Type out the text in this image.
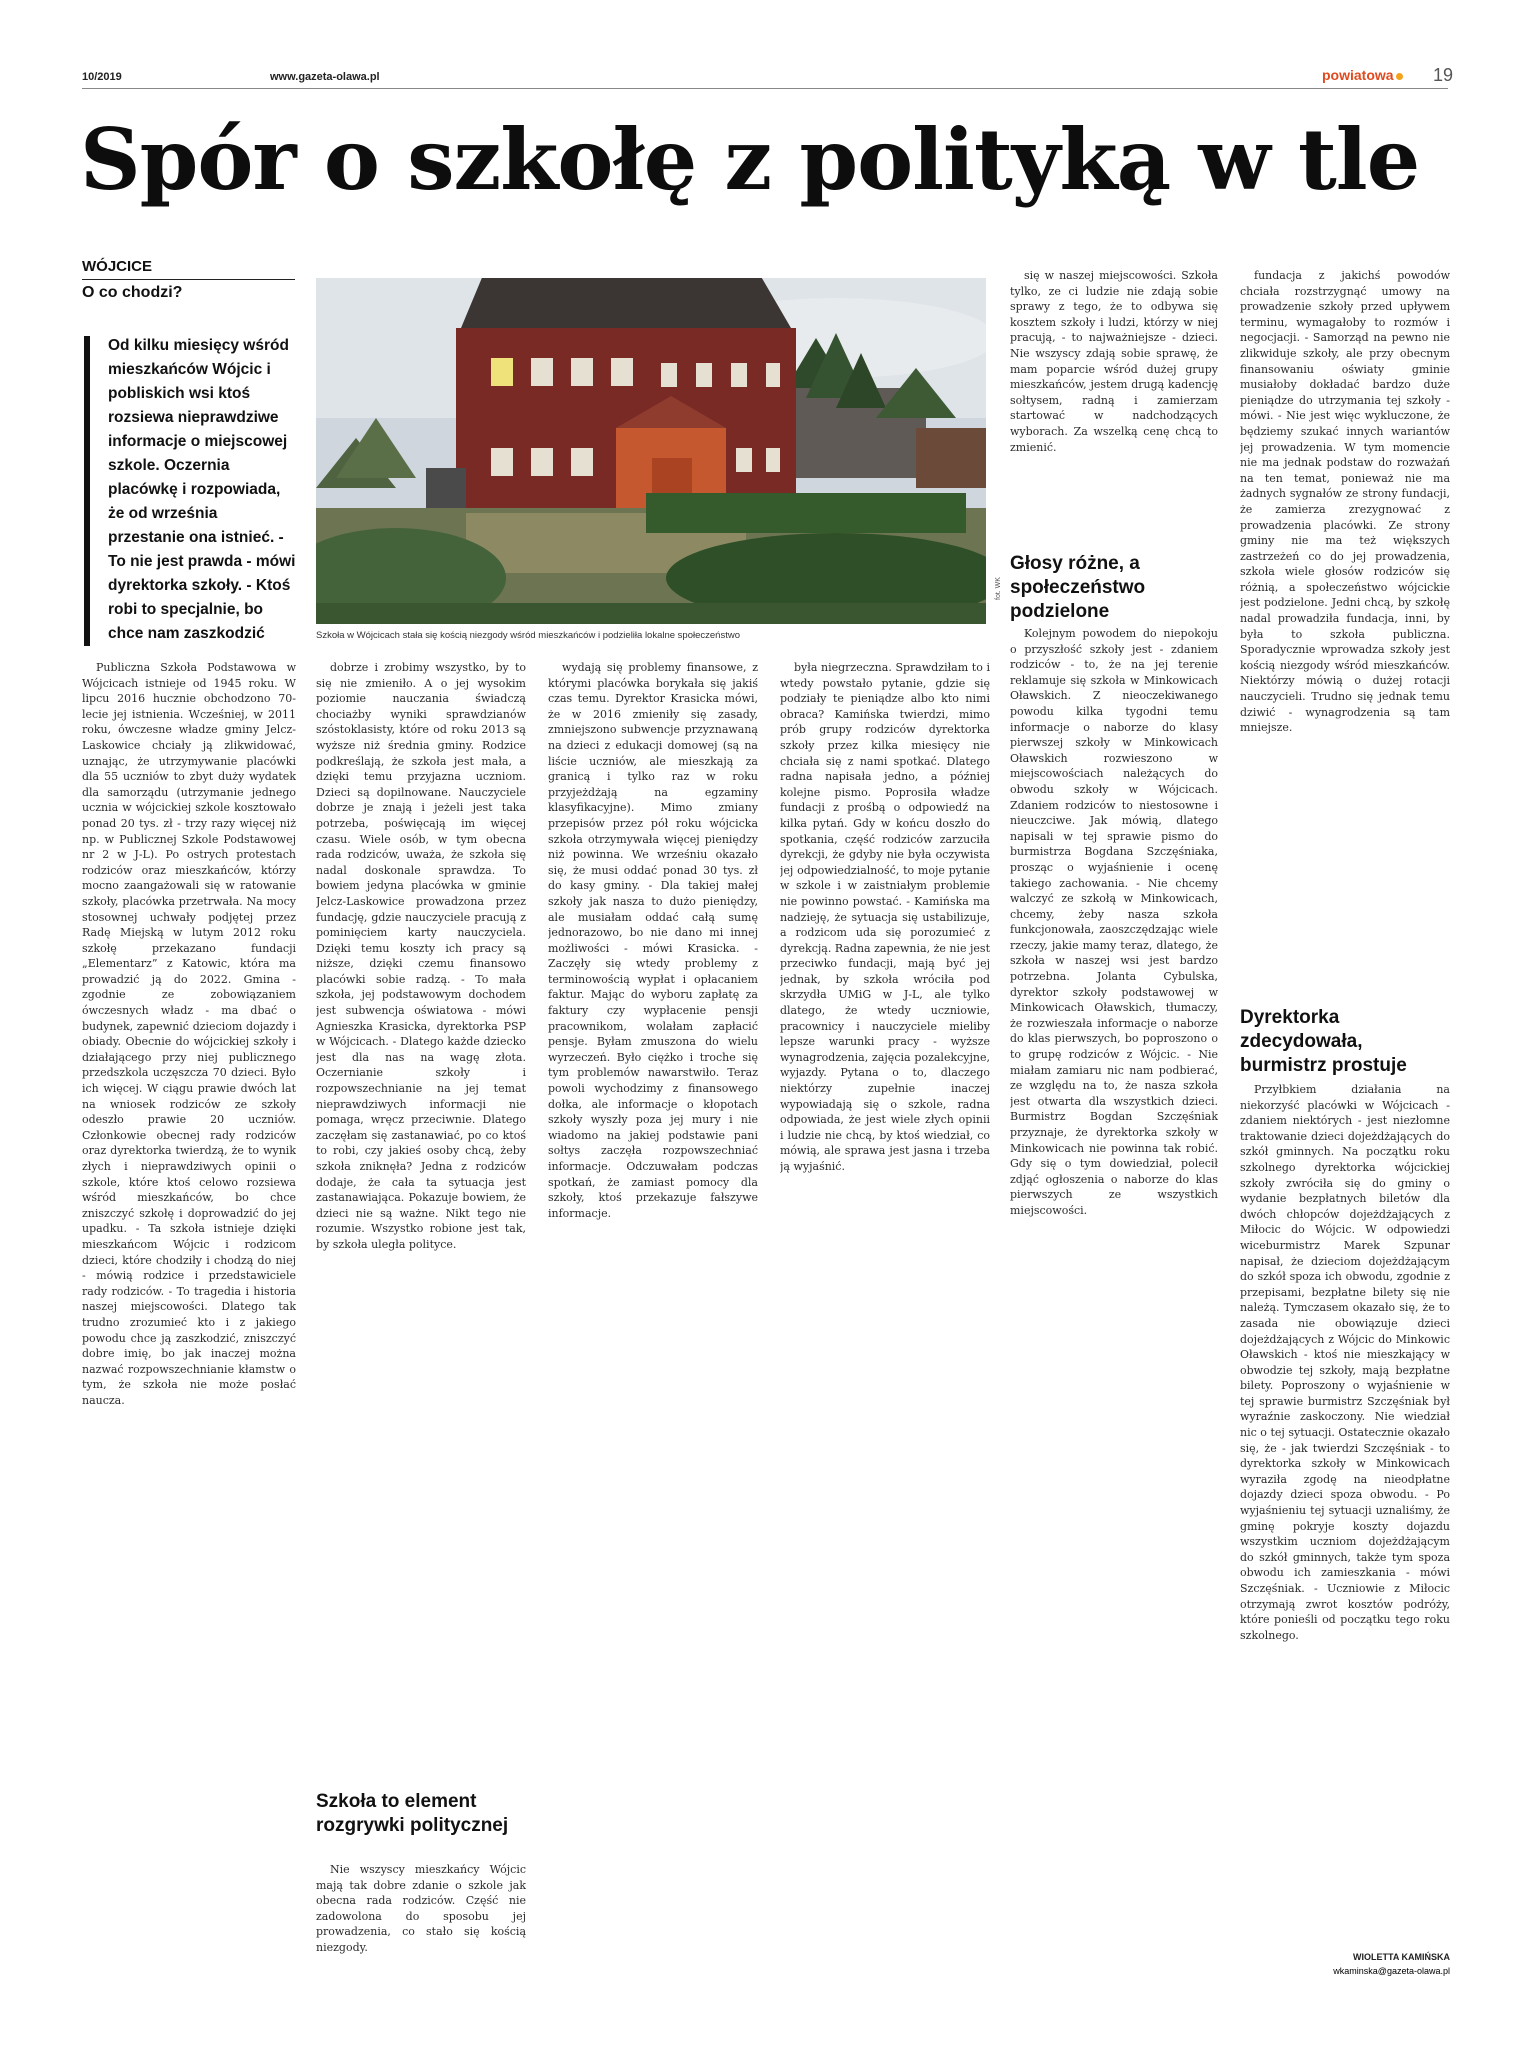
10/2019	www.gazeta-olawa.pl	powiatowa	19
Spór o szkołę z polityką w tle
WÓJCICE
O co chodzi?
Od kilku miesięcy wśród mieszkańców Wójcic i pobliskich wsi ktoś rozsiewa nieprawdziwe informacje o miejscowej szkole. Oczernia placówkę i rozpowiada, że od września przestanie ona istnieć. - To nie jest prawda - mówi dyrektorka szkoły. - Ktoś robi to specjalnie, bo chce nam zaszkodzić
fot. WK
Szkoła w Wójcicach stała się kością niezgody wśród mieszkańców i podzieliła lokalne społeczeństwo

Publiczna Szkoła Podstawowa w Wójcicach istnieje od 1945 roku. W lipcu 2016 hucznie obchodzono 70-lecie jej istnienia. Wcześniej, w 2011 roku, ówczesne władze gminy Jelcz-Laskowice chciały ją zlikwidować, uznając, że utrzymywanie placówki dla 55 uczniów to zbyt duży wydatek dla samorządu (utrzymanie jednego ucznia w wójcickiej szkole kosztowało ponad 20 tys. zł - trzy razy więcej niż np. w Publicznej Szkole Podstawowej nr 2 w J-L). Po ostrych protestach rodziców oraz mieszkańców, którzy mocno zaangażowali się w ratowanie szkoły, placówka przetrwała. Na mocy stosownej uchwały podjętej przez Radę Miejską w lutym 2012 roku szkołę przekazano fundacji „Elementarz” z Katowic, która ma prowadzić ją do 2022. Gmina - zgodnie ze zobowiązaniem ówczesnych władz - ma dbać o budynek, zapewnić dzieciom dojazdy i obiady. Obecnie do wójcickiej szkoły i działającego przy niej publicznego przedszkola uczęszcza 70 dzieci. Było ich więcej. W ciągu prawie dwóch lat na wniosek rodziców ze szkoły odeszło prawie 20 uczniów. Członkowie obecnej rady rodziców oraz dyrektorka twierdzą, że to wynik złych i nieprawdziwych opinii o szkole, które ktoś celowo rozsiewa wśród mieszkańców, bo chce zniszczyć szkołę i doprowadzić do jej upadku. - Ta szkoła istnieje dzięki mieszkańcom Wójcic i rodzicom dzieci, które chodziły i chodzą do niej - mówią rodzice i przedstawiciele rady rodziców. - To tragedia i historia naszej miejscowości. Dlatego tak trudno zrozumieć kto i z jakiego powodu chce ją zaszkodzić, zniszczyć dobre imię, bo jak inaczej można nazwać rozpowszechnianie kłamstw o tym, że szkoła nie może posłać naucza.

dobrze i zrobimy wszystko, by to się nie zmieniło. A o jej wysokim poziomie nauczania świadczą chociażby wyniki sprawdzianów szóstoklasisty, które od roku 2013 są wyższe niż średnia gminy. Rodzice podkreślają, że szkoła jest mała, a dzięki temu przyjazna uczniom. Dzieci są dopilnowane. Nauczyciele dobrze je znają i jeżeli jest taka potrzeba, poświęcają im więcej czasu. Wiele osób, w tym obecna rada rodziców, uważa, że szkoła się nadal doskonale sprawdza. To bowiem jedyna placówka w gminie Jelcz-Laskowice prowadzona przez fundację, gdzie nauczyciele pracują z pominięciem karty nauczyciela. Dzięki temu koszty ich pracy są niższe, dzięki czemu finansowo placówki sobie radzą. - To mała szkoła, jej podstawowym dochodem jest subwencja oświatowa - mówi Agnieszka Krasicka, dyrektorka PSP w Wójcicach. - Dlatego każde dziecko jest dla nas na wagę złota. Oczernianie szkoły i rozpowszechnianie na jej temat nieprawdziwych informacji nie pomaga, wręcz przeciwnie. Dlatego zaczęłam się zastanawiać, po co ktoś to robi, czy jakieś osoby chcą, żeby szkoła zniknęła? Jedna z rodziców dodaje, że cała ta sytuacja jest zastanawiająca. Pokazuje bowiem, że dzieci nie są ważne. Nikt tego nie rozumie. Wszystko robione jest tak, by szkoła uległa polityce.

Szkoła to element rozgrywki politycznej

Nie wszyscy mieszkańcy Wójcic mają tak dobre zdanie o szkole jak obecna rada rodziców. Część nie zadowolona do sposobu jej prowadzenia, co stało się kością niezgody.

wydają się problemy finansowe, z którymi placówka borykała się jakiś czas temu. Dyrektor Krasicka mówi, że w 2016 zmieniły się zasady, zmniejszono subwencje przyznawaną na dzieci z edukacji domowej (są na liście uczniów, ale mieszkają za granicą i tylko raz w roku przyjeżdżają na egzaminy klasyfikacyjne). Mimo zmiany przepisów przez pół roku wójcicka szkoła otrzymywała więcej pieniędzy niż powinna. We wrześniu okazało się, że musi oddać ponad 30 tys. zł do kasy gminy. - Dla takiej małej szkoły jak nasza to dużo pieniędzy, ale musiałam oddać całą sumę jednorazowo, bo nie dano mi innej możliwości - mówi Krasicka. - Zaczęły się wtedy problemy z terminowością wypłat i opłacaniem faktur. Mając do wyboru zapłatę za faktury czy wypłacenie pensji pracownikom, wolałam zapłacić pensje. Byłam zmuszona do wielu wyrzeczeń. Było ciężko i troche się tym problemów nawarstwiło. Teraz powoli wychodzimy z finansowego dołka, ale informacje o kłopotach szkoły wyszły poza jej mury i nie wiadomo na jakiej podstawie pani sołtys zaczęła rozpowszechniać informacje. Odczuwałam podczas spotkań, że zamiast pomocy dla szkoły, ktoś przekazuje fałszywe informacje.

była niegrzeczna. Sprawdziłam to i wtedy powstało pytanie, gdzie się podziały te pieniądze albo kto nimi obraca? Kamińska twierdzi, mimo prób grupy rodziców dyrektorka szkoły przez kilka miesięcy nie chciała się z nami spotkać. Dlatego radna napisała jedno, a później kolejne pismo. Poprosiła władze fundacji z prośbą o odpowiedź na kilka pytań. Gdy w końcu doszło do spotkania, część rodziców zarzuciła dyrekcji, że gdyby nie była oczywista jej odpowiedzialność, to moje pytanie w szkole i w zaistniałym problemie nie powinno powstać. - Kamińska ma nadzieję, że sytuacja się ustabilizuje, a rodzicom uda się porozumieć z dyrekcją. Radna zapewnia, że nie jest przeciwko fundacji, mają być jej jednak, by szkoła wróciła pod skrzydła UMiG w J-L, ale tylko dlatego, że wtedy uczniowie, pracownicy i nauczyciele mieliby lepsze warunki pracy - wyższe wynagrodzenia, zajęcia pozalekcyjne, wyjazdy. Pytana o to, dlaczego niektórzy zupełnie inaczej wypowiadają się o szkole, radna odpowiada, że jest wiele złych opinii i ludzie nie chcą, by ktoś wiedział, co mówią, ale sprawa jest jasna i trzeba ją wyjaśnić.

się w naszej miejscowości. Szkoła tylko, ze ci ludzie nie zdają sobie sprawy z tego, że to odbywa się kosztem szkoły i ludzi, którzy w niej pracują, - to najważniejsze - dzieci. Nie wszyscy zdają sobie sprawę, że mam poparcie wśród dużej grupy mieszkańców, jestem drugą kadencję sołtysem, radną i zamierzam startować w nadchodzących wyborach. Za wszelką cenę chcą to zmienić.

Głosy różne, a społeczeństwo podzielone

Kolejnym powodem do niepokoju o przyszłość szkoły jest - zdaniem rodziców - to, że na jej terenie reklamuje się szkoła w Minkowicach Oławskich. Z nieoczekiwanego powodu kilka tygodni temu informacje o naborze do klasy pierwszej szkoły w Minkowicach Oławskich rozwieszono w miejscowościach należących do obwodu szkoły w Wójcicach. Zdaniem rodziców to niestosowne i nieuczciwe. Jak mówią, dlatego napisali w tej sprawie pismo do burmistrza Bogdana Szczęśniaka, prosząc o wyjaśnienie i ocenę takiego zachowania. - Nie chcemy walczyć ze szkołą w Minkowicach, chcemy, żeby nasza szkoła funkcjonowała, zaoszczędzając wiele rzeczy, jakie mamy teraz, dlatego, że szkoła w naszej wsi jest bardzo potrzebna. Jolanta Cybulska, dyrektor szkoły podstawowej w Minkowicach Oławskich, tłumaczy, że rozwieszała informacje o naborze do klas pierwszych, bo poproszono o to grupę rodziców z Wójcic. - Nie miałam zamiaru nic nam podbierać, ze względu na to, że nasza szkoła jest otwarta dla wszystkich dzieci. Burmistrz Bogdan Szczęśniak przyznaje, że dyrektorka szkoły w Minkowicach nie powinna tak robić. Gdy się o tym dowiedział, polecił zdjąć ogłoszenia o naborze do klas pierwszych ze wszystkich miejscowości.

fundacja z jakichś powodów chciała rozstrzygnąć umowy na prowadzenie szkoły przed upływem terminu, wymagałoby to rozmów i negocjacji. - Samorząd na pewno nie zlikwiduje szkoły, ale przy obecnym finansowaniu oświaty gminie musiałoby dokładać bardzo duże pieniądze do utrzymania tej szkoły - mówi. - Nie jest więc wykluczone, że będziemy szukać innych wariantów jej prowadzenia. W tym momencie nie ma jednak podstaw do rozważań na ten temat, ponieważ nie ma żadnych sygnałów ze strony fundacji, że zamierza zrezygnować z prowadzenia placówki. Ze strony gminy nie ma też większych zastrzeżeń co do jej prowadzenia, szkoła wiele głosów rodziców się różnią, a społeczeństwo wójcickie jest podzielone. Jedni chcą, by szkołę nadal prowadziła fundacja, inni, by była to szkoła publiczna. Sporadycznie wprowadza szkoły jest kością niezgody wśród mieszkańców. Niektórzy mówią o dużej rotacji nauczycieli. Trudno się jednak temu dziwić - wynagrodzenia są tam mniejsze.

Dyrektorka zdecydowała, burmistrz prostuje

Przyłbkiem działania na niekorzyść placówki w Wójcicach - zdaniem niektórych - jest niezłomne traktowanie dzieci dojeżdżających do szkół gminnych. Na początku roku szkolnego dyrektorka wójcickiej szkoły zwróciła się do gminy o wydanie bezpłatnych biletów dla dwóch chłopców dojeżdżających z Miłocic do Wójcic. W odpowiedzi wiceburmistrz Marek Szpunar napisał, że dzieciom dojeżdżającym do szkół spoza ich obwodu, zgodnie z przepisami, bezpłatne bilety się nie należą. Tymczasem okazało się, że to zasada nie obowiązuje dzieci dojeżdżających z Wójcic do Minkowic Oławskich - ktoś nie mieszkający w obwodzie tej szkoły, mają bezpłatne bilety. Poproszony o wyjaśnienie w tej sprawie burmistrz Szczęśniak był wyraźnie zaskoczony. Nie wiedział nic o tej sytuacji. Ostatecznie okazało się, że - jak twierdzi Szczęśniak - to dyrektorka szkoły w Minkowicach wyraziła zgodę na nieodpłatne dojazdy dzieci spoza obwodu. - Po wyjaśnieniu tej sytuacji uznaliśmy, że gminę pokryje koszty dojazdu wszystkim uczniom dojeżdżającym do szkół gminnych, także tym spoza obwodu ich zamieszkania - mówi Szczęśniak. - Uczniowie z Miłocic otrzymają zwrot kosztów podróży, które ponieśli od początku tego roku szkolnego.

WIOLETTA KAMIŃSKA
wkaminska@gazeta-olawa.pl
